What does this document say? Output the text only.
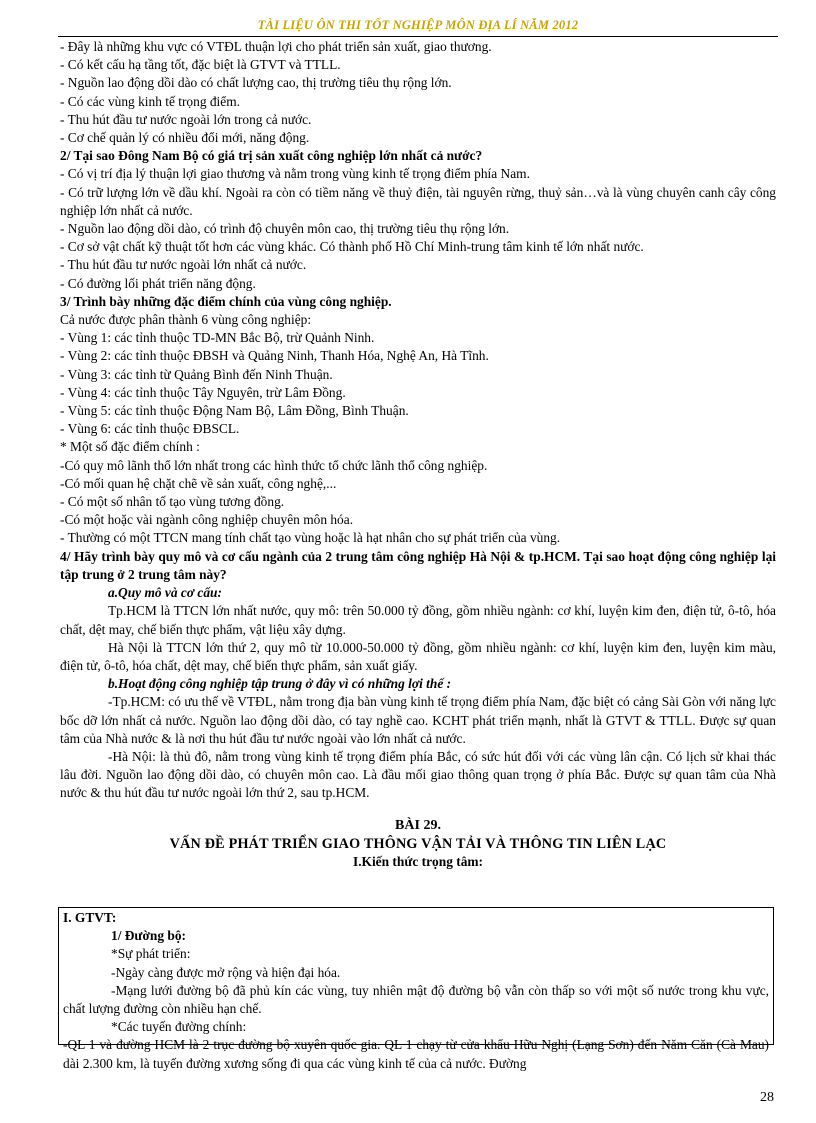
TÀI LIỆU ÔN THI TỐT NGHIỆP MÔN ĐỊA LÍ NĂM 2012
- Đây là những khu vực có VTĐL thuận lợi cho phát triển sản xuất, giao thương.
- Có kết cấu hạ tầng tốt, đặc biệt là GTVT và TTLL.
- Nguồn lao động dồi dào có chất lượng cao, thị trường tiêu thụ rộng lớn.
- Có các vùng kinh tế trọng điểm.
- Thu hút đầu tư nước ngoài lớn trong cả nước.
- Cơ chế quản lý có nhiều đổi mới, năng động.
2/ Tại sao Đông Nam Bộ có giá trị sản xuất công nghiệp lớn nhất cả nước?
- Có vị trí địa lý thuận lợi giao thương và nằm trong vùng kinh tế trọng điểm phía Nam.
- Có trữ lượng lớn về dầu khí. Ngoài ra còn có tiềm năng về thuỷ điện, tài nguyên rừng, thuỷ sản…và là vùng chuyên canh cây công nghiệp lớn nhất cả nước.
- Nguồn lao động dồi dào, có trình độ chuyên môn cao, thị trường tiêu thụ rộng lớn.
- Cơ sở vật chất kỹ thuật tốt hơn các vùng khác. Có thành phố Hồ Chí Minh-trung tâm kinh tế lớn nhất nước.
- Thu hút đầu tư nước ngoài lớn nhất cả nước.
- Có đường lối phát triển năng động.
3/ Trình bày những đặc điểm chính của vùng công nghiệp.
Cả nước được phân thành 6 vùng công nghiệp:
- Vùng 1: các tỉnh thuộc TD-MN Bắc Bộ, trừ Quảnh Ninh.
- Vùng 2: các tỉnh thuộc ĐBSH và Quảng Ninh, Thanh Hóa, Nghệ An, Hà Tĩnh.
- Vùng 3: các tỉnh từ Quảng Bình đến Ninh Thuận.
- Vùng 4: các tỉnh thuộc Tây Nguyên, trừ Lâm Đồng.
- Vùng 5: các tỉnh thuộc Động Nam Bộ, Lâm Đồng, Bình Thuận.
- Vùng 6: các tỉnh thuộc ĐBSCL.
* Một số đặc điểm chính :
-Có quy mô lãnh thổ lớn nhất trong các hình thức tổ chức lãnh thổ công nghiệp.
-Có mối quan hệ chặt chẽ về sản xuất, công nghệ,...
- Có một số nhân tố tạo vùng tương đồng.
-Có một hoặc vài ngành công nghiệp chuyên môn hóa.
- Thường có một TTCN mang tính chất tạo vùng hoặc là hạt nhân cho sự phát triển của vùng.
4/ Hãy trình bày quy mô và cơ cấu ngành của 2 trung tâm công nghiệp Hà Nội & tp.HCM. Tại sao hoạt động công nghiệp lại tập trung ở 2 trung tâm này?
a.Quy mô và cơ cấu:
Tp.HCM là TTCN lớn nhất nước, quy mô: trên 50.000 tỷ đồng, gồm nhiều ngành: cơ khí, luyện kim đen, điện tử, ô-tô, hóa chất, dệt may, chế biến thực phẩm, vật liệu xây dựng.
Hà Nội là TTCN lớn thứ 2, quy mô từ 10.000-50.000 tỷ đồng, gồm nhiều ngành: cơ khí, luyện kim đen, luyện kim màu, điện tử, ô-tô, hóa chất, dệt may, chế biến thực phẩm, sản xuất giấy.
b.Hoạt động công nghiệp tập trung ở đây vì có những lợi thế :
-Tp.HCM: có ưu thế về VTĐL, nằm trong địa bàn vùng kinh tế trọng điểm phía Nam, đặc biệt có cảng Sài Gòn với năng lực bốc dỡ lớn nhất cả nước. Nguồn lao động dồi dào, có tay nghề cao. KCHT phát triển mạnh, nhất là GTVT & TTLL. Được sự quan tâm của Nhà nước & là nơi thu hút đầu tư nước ngoài vào lớn nhất cả nước.
-Hà Nội: là thủ đô, nằm trong vùng kinh tế trọng điểm phía Bắc, có sức hút đối với các vùng lân cận. Có lịch sử khai thác lâu đời. Nguồn lao động dồi dào, có chuyên môn cao. Là đầu mối giao thông quan trọng ở phía Bắc. Được sự quan tâm của Nhà nước & thu hút đầu tư nước ngoài lớn thứ 2, sau tp.HCM.
BÀI 29.
VẤN ĐỀ PHÁT TRIỂN GIAO THÔNG VẬN TẢI VÀ THÔNG TIN LIÊN LẠC
I.Kiến thức trọng tâm:
I. GTVT:
1/ Đường bộ:
*Sự phát triển:
-Ngày càng được mở rộng và hiện đại hóa.
-Mạng lưới đường bộ đã phủ kín các vùng, tuy nhiên mật độ đường bộ vẫn còn thấp so với một số nước trong khu vực, chất lượng đường còn nhiều hạn chế.
*Các tuyến đường chính:
-QL 1 và đường HCM là 2 trục đường bộ xuyên quốc gia. QL 1 chạy từ cửa khẩu Hữu Nghị (Lạng Sơn) đến Năm Căn (Cà Mau) dài 2.300 km, là tuyến đường xương sống đi qua các vùng kinh tế của cả nước. Đường
28
